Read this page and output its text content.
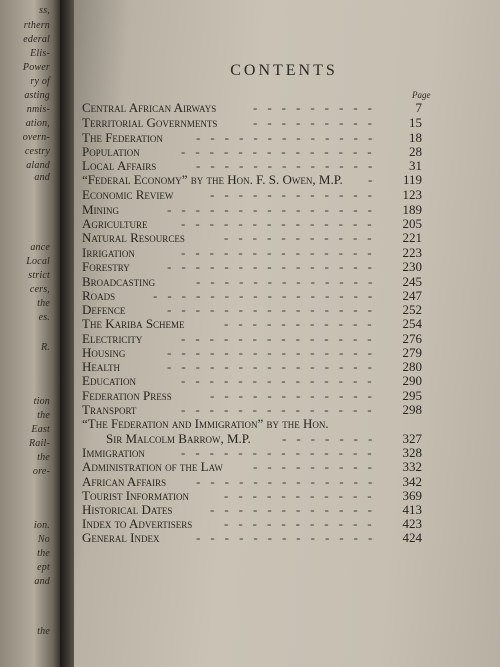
ss,
rthern
ederal
Elis-
Power
ry of
asting
nmis-
ation,
overn-
cestry
aland
and
ance
Local
strict
cers,
the
es.
R.
tion
the
East
Rail-
the
ore-
ion.
No
the
ept
and
the
CONTENTS
Page
Central African Airways	---------	7
Territorial Governments	---------	15
The Federation	-------------	18
Population	--------------	28
Local Affairs	-------------	31
“Federal Economy” by the Hon. F. S. Owen, M.P. -	119
Economic Review	------------	123
Mining	---------------	189
Agriculture	--------------	205
Natural Resources	-----------	221
Irrigation	--------------	223
Forestry	---------------	230
Broadcasting	-------------	245
Roads	----------------	247
Defence	---------------	252
The Kariba Scheme	-----------	254
Electricity	--------------	276
Housing	---------------	279
Health	---------------	280
Education	--------------	290
Federation Press	------------	295
Transport	--------------	298
“The Federation and Immigration” by the Hon.
Sir Malcolm Barrow, M.P. -------	327
Immigration	--------------	328
Administration of the Law ---------	332
African Affairs -------------	342
Tourist Information	-----------	369
Historical Dates	------------	413
Index to Advertisers -----------	423
General Index	-------------	424
